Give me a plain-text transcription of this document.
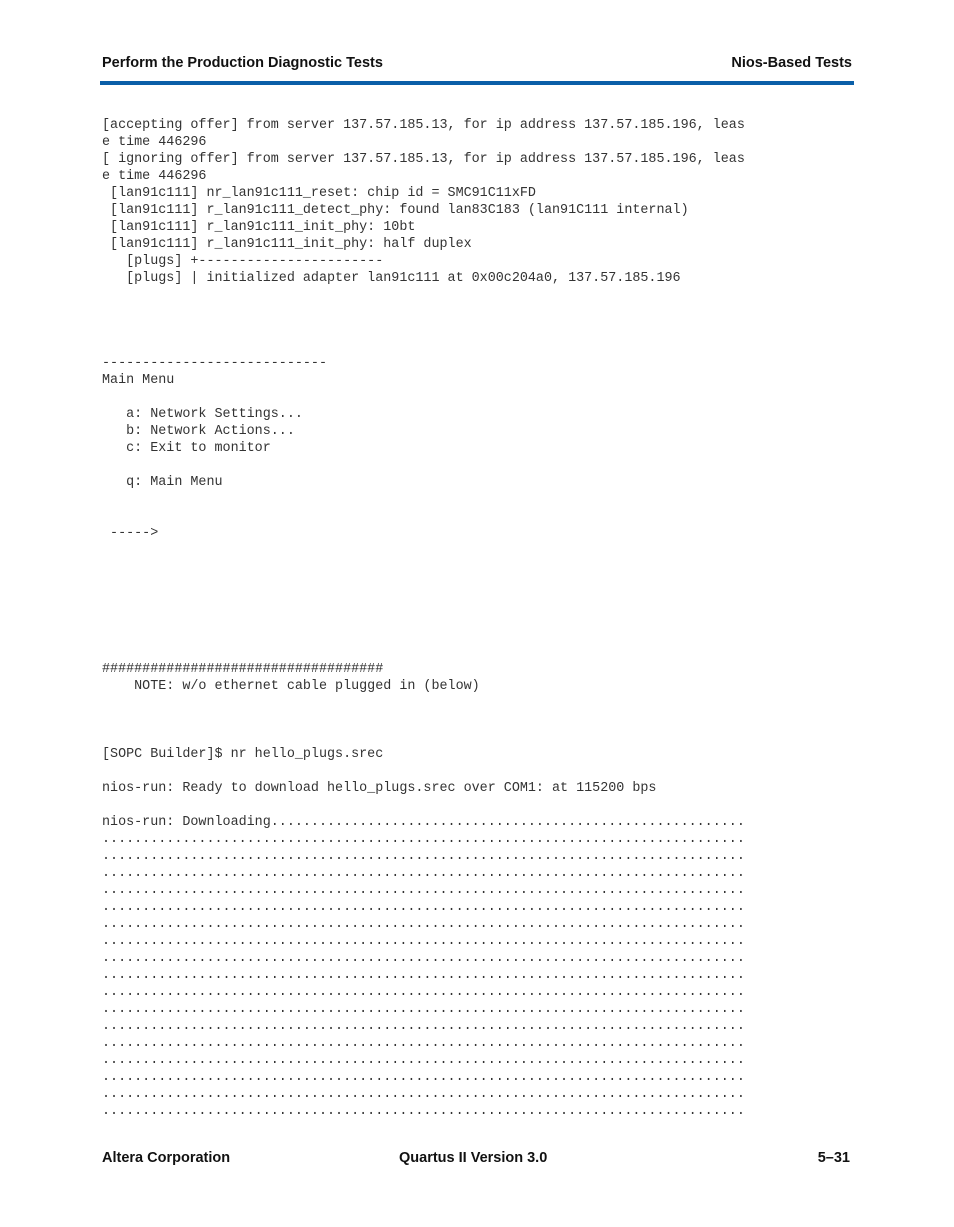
Perform the Production Diagnostic Tests	Nios-Based Tests
[accepting offer] from server 137.57.185.13, for ip address 137.57.185.196, leas
e time 446296
[ ignoring offer] from server 137.57.185.13, for ip address 137.57.185.196, leas
e time 446296
[lan91c111] nr_lan91c111_reset: chip id = SMC91C11xFD
[lan91c111] r_lan91c111_detect_phy: found lan83C183 (lan91C111 internal)
[lan91c111] r_lan91c111_init_phy: 10bt
[lan91c111] r_lan91c111_init_phy: half duplex
[plugs] +-----------------------
[plugs] | initialized adapter lan91c111 at 0x00c204a0, 137.57.185.196
----------------------------
Main Menu
a: Network Settings...
b: Network Actions...
c: Exit to monitor
q: Main Menu
----->
###################################
NOTE: w/o ethernet cable plugged in (below)
[SOPC Builder]$ nr hello_plugs.srec
nios-run: Ready to download hello_plugs.srec over COM1: at 115200 bps
nios-run: Downloading...........................................................
................................................................................
................................................................................
................................................................................
................................................................................
................................................................................
................................................................................
................................................................................
................................................................................
................................................................................
................................................................................
................................................................................
................................................................................
................................................................................
................................................................................
................................................................................
................................................................................
................................................................................
Altera Corporation	Quartus II Version 3.0	5–31
